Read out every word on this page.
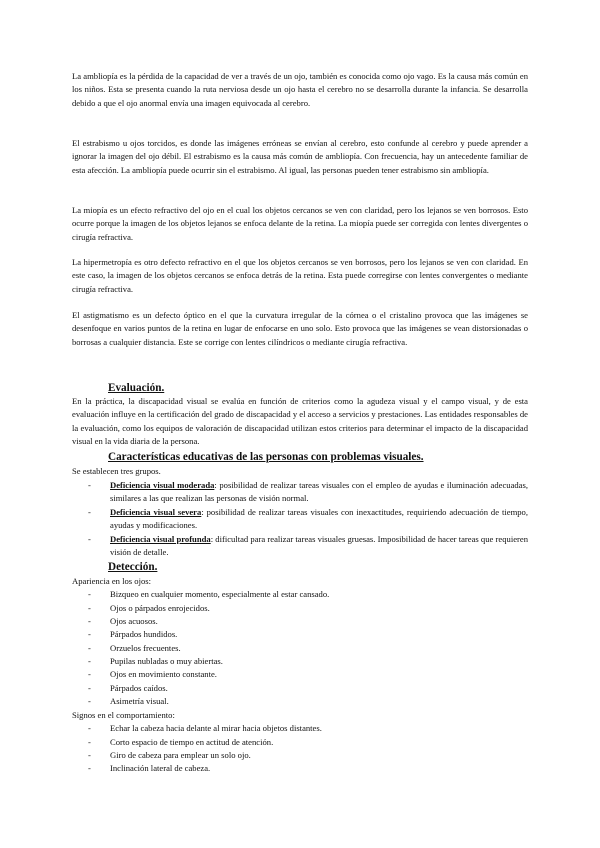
La ambliopía es la pérdida de la capacidad de ver a través de un ojo, también es conocida como ojo vago. Es la causa más común en los niños. Esta se presenta cuando la ruta nerviosa desde un ojo hasta el cerebro no se desarrolla durante la infancia. Se desarrolla debido a que el ojo anormal envía una imagen equivocada al cerebro.
El estrabismo u ojos torcidos, es donde las imágenes erróneas se envían al cerebro, esto confunde al cerebro y puede aprender a ignorar la imagen del ojo débil. El estrabismo es la causa más común de ambliopía. Con frecuencia, hay un antecedente familiar de esta afección. La ambliopía puede ocurrir sin el estrabismo. Al igual, las personas pueden tener estrabismo sin ambliopía.
La miopía es un efecto refractivo del ojo en el cual los objetos cercanos se ven con claridad, pero los lejanos se ven borrosos. Esto ocurre porque la imagen de los objetos lejanos se enfoca delante de la retina. La miopía puede ser corregida con lentes divergentes o cirugía refractiva.
La hipermetropía es otro defecto refractivo en el que los objetos cercanos se ven borrosos, pero los lejanos se ven con claridad. En este caso, la imagen de los objetos cercanos se enfoca detrás de la retina. Esta puede corregirse con lentes convergentes o mediante cirugía refractiva.
El astigmatismo es un defecto óptico en el que la curvatura irregular de la córnea o el cristalino provoca que las imágenes se desenfoque en varios puntos de la retina en lugar de enfocarse en uno solo. Esto provoca que las imágenes se vean distorsionadas o borrosas a cualquier distancia. Este se corrige con lentes cilíndricos o mediante cirugía refractiva.
Evaluación.
En la práctica, la discapacidad visual se evalúa en función de criterios como la agudeza visual y el campo visual, y de esta evaluación influye en la certificación del grado de discapacidad y el acceso a servicios y prestaciones. Las entidades responsables de la evaluación, como los equipos de valoración de discapacidad utilizan estos criterios para determinar el impacto de la discapacidad visual en la vida diaria de la persona.
Características educativas de las personas con problemas visuales.
Se establecen tres grupos.
- Deficiencia visual moderada: posibilidad de realizar tareas visuales con el empleo de ayudas e iluminación adecuadas, similares a las que realizan las personas de visión normal.
- Deficiencia visual severa: posibilidad de realizar tareas visuales con inexactitudes, requiriendo adecuación de tiempo, ayudas y modificaciones.
- Deficiencia visual profunda: dificultad para realizar tareas visuales gruesas. Imposibilidad de hacer tareas que requieren visión de detalle.
Detección.
Apariencia en los ojos:
- Bizqueo en cualquier momento, especialmente al estar cansado.
- Ojos o párpados enrojecidos.
- Ojos acuosos.
- Párpados hundidos.
- Orzuelos frecuentes.
- Pupilas nubladas o muy abiertas.
- Ojos en movimiento constante.
- Párpados caídos.
- Asimetría visual.
Signos en el comportamiento:
- Echar la cabeza hacia delante al mirar hacia objetos distantes.
- Corto espacio de tiempo en actitud de atención.
- Giro de cabeza para emplear un solo ojo.
- Inclinación lateral de cabeza.
